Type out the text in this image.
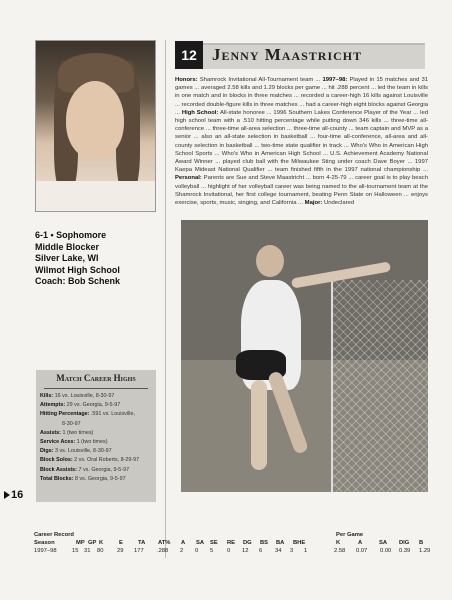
12 Jenny Maastricht
Honors: Shamrock Invitational All-Tournament team ... 1997–98: Played in 15 matches and 31 games ... averaged 2.58 kills and 1.29 blocks per game ... hit .288 percent ... led the team in kills in one match and in blocks in three matches ... recorded a career-high 16 kills against Louisville ... recorded double-figure kills in three matches ... had a career-high eight blocks against Georgia ... High School: All-state honoree ... 1996 Southern Lakes Conference Player of the Year ... led high school team with a .510 hitting percentage while putting down 346 kills ... three-time all-conference ... three-time all-area selection ... three-time all-county ... team captain and MVP as a senior ... also an all-state selection in basketball ... four-time all-conference, all-area and all-county selection in basketball ... two-time state qualifier in track ... Who's Who in American High School Sports ... Who's Who in American High School ... U.S. Achievement Academy National Award Winner ... played club ball with the Milwaukee Sting under coach Dave Boyer ... 1997 Kaepa Mideast National Qualifier ... team finished fifth in the 1997 national championship ... Personal: Parents are Sue and Steve Maastricht ... born 4-25-79 ... career goal is to play beach volleyball ... highlight of her volleyball career was being named to the all-tournament team at the Shamrock Invitational, her first college tournament, beating Penn State on Halloween ... enjoys exercise, sports, music, singing, and California ... Major: Undeclared
6-1 • Sophomore
Middle Blocker
Silver Lake, WI
Wilmot High School
Coach: Bob Schenk
Match Career Highs
Kills: 16 vs. Louisville, 8-30-97
Attempts: 29 vs. Georgia, 9-5-97
Hitting Percentage: .591 vs. Louisville,
8-30-97
Assists: 1 (two times)
Service Aces: 1 (two times)
Digs: 3 vs. Louisville, 8-30-97
Block Solos: 2 vs. Oral Roberts, 8-29-97
Block Assists: 7 vs. Georgia, 9-5-97
Total Blocks: 8 vs. Georgia, 9-5-97
16
Career Record	Per Game
Season	MP GP K	E	TA AT% A SA SE RE DG BS BA BHE	K	A	SA DIG B
1997–98	15 31 80 29 177 .288 2 0 5 0 12 6 34 3 1	2.58 0.07 0.00 0.39 1.29
